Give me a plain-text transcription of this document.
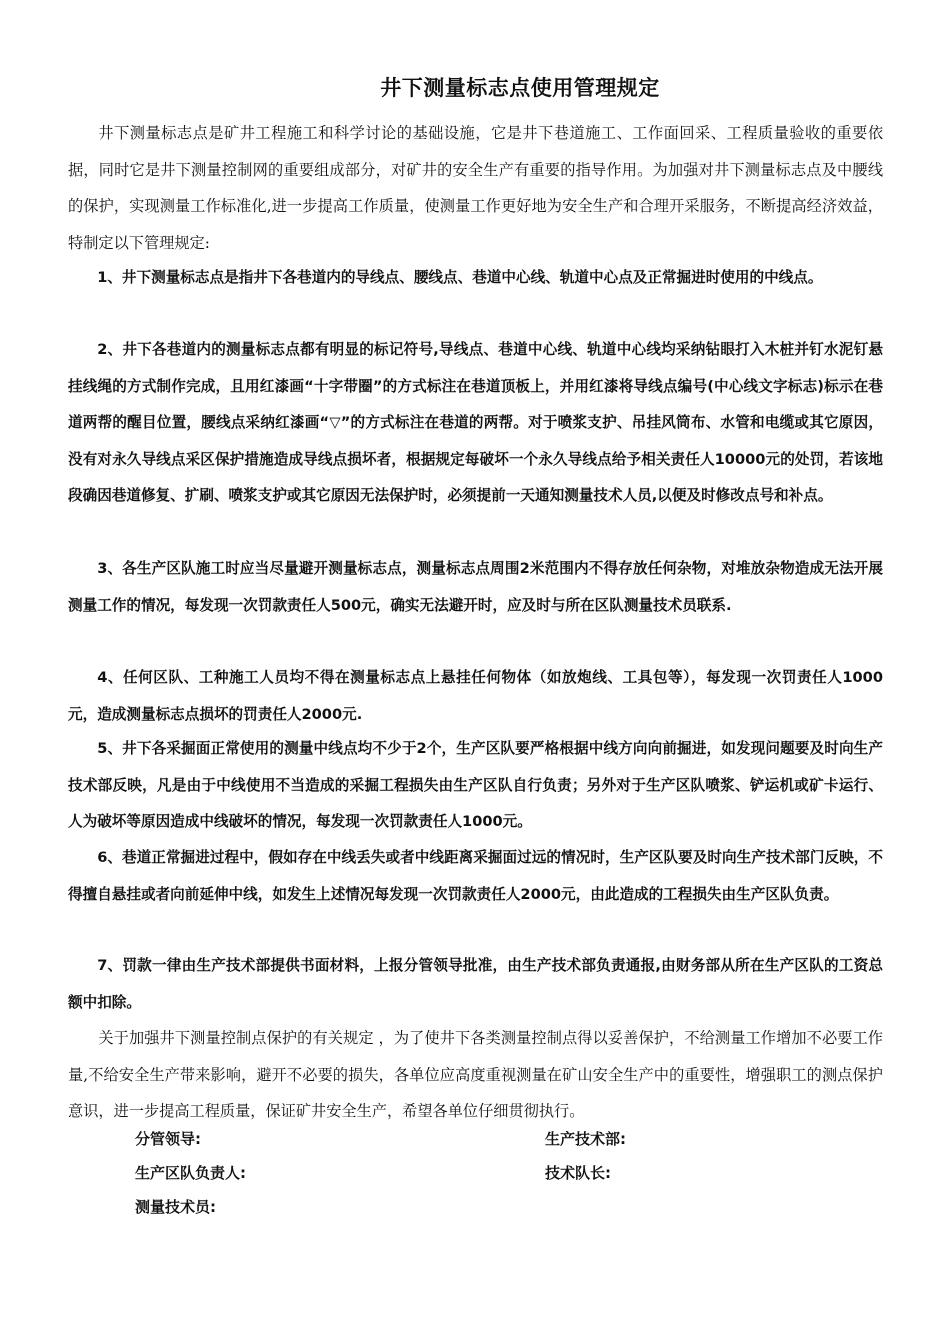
井下测量标志点使用管理规定

井下测量标志点是矿井工程施工和科学讨论的基础设施，它是井下巷道施工、工作面回采、工程质量验收的重要依据，同时它是井下测量控制网的重要组成部分，对矿井的安全生产有重要的指导作用。为加强对井下测量标志点及中腰线的保护，实现测量工作标准化,进一步提高工作质量，使测量工作更好地为安全生产和合理开采服务，不断提高经济效益，特制定以下管理规定:

1、井下测量标志点是指井下各巷道内的导线点、腰线点、巷道中心线、轨道中心点及正常掘进时使用的中线点。

2、井下各巷道内的测量标志点都有明显的标记符号,导线点、巷道中心线、轨道中心线均采纳钻眼打入木桩并钉水泥钉悬挂线绳的方式制作完成，且用红漆画“十字带圈”的方式标注在巷道顶板上，并用红漆将导线点编号(中心线文字标志)标示在巷道两帮的醒目位置，腰线点采纳红漆画“▽”的方式标注在巷道的两帮。对于喷浆支护、吊挂风筒布、水管和电缆或其它原因，没有对永久导线点采区保护措施造成导线点损坏者，根据规定每破坏一个永久导线点给予相关责任人10000元的处罚，若该地段确因巷道修复、扩刷、喷浆支护或其它原因无法保护时，必须提前一天通知测量技术人员,以便及时修改点号和补点。

3、各生产区队施工时应当尽量避开测量标志点，测量标志点周围2米范围内不得存放任何杂物，对堆放杂物造成无法开展测量工作的情况，每发现一次罚款责任人500元，确实无法避开时，应及时与所在区队测量技术员联系.

4、任何区队、工种施工人员均不得在测量标志点上悬挂任何物体（如放炮线、工具包等），每发现一次罚责任人1000元，造成测量标志点损坏的罚责任人2000元.

5、井下各采掘面正常使用的测量中线点均不少于2个，生产区队要严格根据中线方向向前掘进，如发现问题要及时向生产技术部反映，凡是由于中线使用不当造成的采掘工程损失由生产区队自行负责；另外对于生产区队喷浆、铲运机或矿卡运行、人为破坏等原因造成中线破坏的情况，每发现一次罚款责任人1000元。

6、巷道正常掘进过程中，假如存在中线丢失或者中线距离采掘面过远的情况时，生产区队要及时向生产技术部门反映，不得擅自悬挂或者向前延伸中线，如发生上述情况每发现一次罚款责任人2000元，由此造成的工程损失由生产区队负责。

7、罚款一律由生产技术部提供书面材料，上报分管领导批准，由生产技术部负责通报,由财务部从所在生产区队的工资总额中扣除。

关于加强井下测量控制点保护的有关规定 ，为了使井下各类测量控制点得以妥善保护，不给测量工作增加不必要工作量,不给安全生产带来影响，避开不必要的损失，各单位应高度重视测量在矿山安全生产中的重要性，增强职工的测点保护意识，进一步提高工程质量，保证矿井安全生产，希望各单位仔细贯彻执行。

分管领导:	生产技术部:
生产区队负责人:	技术队长:
测量技术员:
